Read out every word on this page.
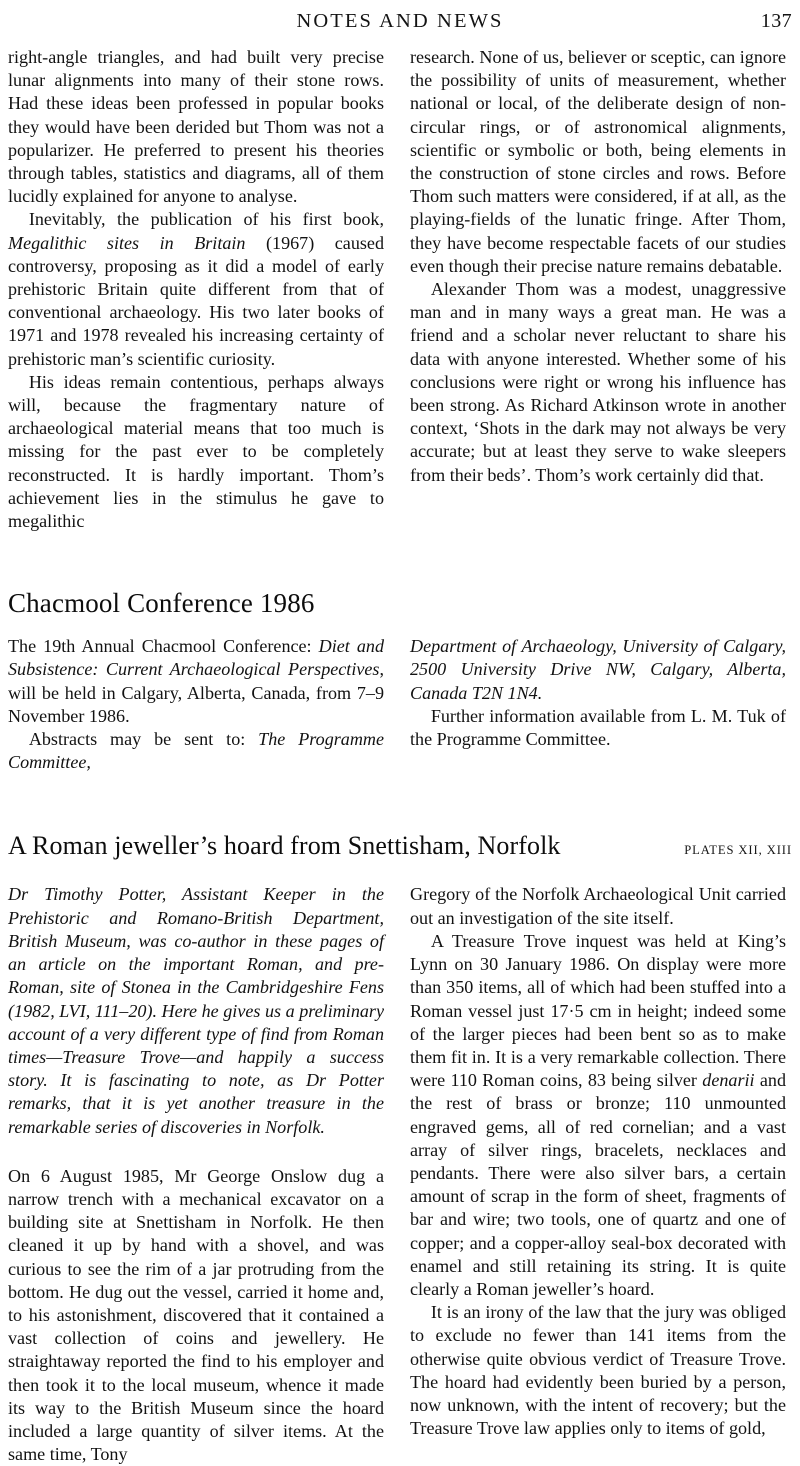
NOTES AND NEWS	137

right-angle triangles, and had built very precise lunar alignments into many of their stone rows. Had these ideas been professed in popular books they would have been derided but Thom was not a popularizer. He preferred to present his theories through tables, statistics and diagrams, all of them lucidly explained for anyone to analyse.

Inevitably, the publication of his first book, Megalithic sites in Britain (1967) caused controversy, proposing as it did a model of early prehistoric Britain quite different from that of conventional archaeology. His two later books of 1971 and 1978 revealed his increasing certainty of prehistoric man’s scientific curiosity.

His ideas remain contentious, perhaps always will, because the fragmentary nature of archaeological material means that too much is missing for the past ever to be completely reconstructed. It is hardly important. Thom’s achievement lies in the stimulus he gave to megalithic

research. None of us, believer or sceptic, can ignore the possibility of units of measurement, whether national or local, of the deliberate design of non-circular rings, or of astronomical alignments, scientific or symbolic or both, being elements in the construction of stone circles and rows. Before Thom such matters were considered, if at all, as the playing-fields of the lunatic fringe. After Thom, they have become respectable facets of our studies even though their precise nature remains debatable.

Alexander Thom was a modest, unaggressive man and in many ways a great man. He was a friend and a scholar never reluctant to share his data with anyone interested. Whether some of his conclusions were right or wrong his influence has been strong. As Richard Atkinson wrote in another context, ‘Shots in the dark may not always be very accurate; but at least they serve to wake sleepers from their beds’. Thom’s work certainly did that.

Chacmool Conference 1986

The 19th Annual Chacmool Conference: Diet and Subsistence: Current Archaeological Perspectives, will be held in Calgary, Alberta, Canada, from 7–9 November 1986.

Abstracts may be sent to: The Programme Committee,

Department of Archaeology, University of Calgary, 2500 University Drive NW, Calgary, Alberta, Canada T2N 1N4.

Further information available from L. M. Tuk of the Programme Committee.

A Roman jeweller’s hoard from Snettisham, Norfolk	PLATES XII, XIII

Dr Timothy Potter, Assistant Keeper in the Prehistoric and Romano-British Department, British Museum, was co-author in these pages of an article on the important Roman, and pre-Roman, site of Stonea in the Cambridgeshire Fens (1982, LVI, 111–20). Here he gives us a preliminary account of a very different type of find from Roman times—Treasure Trove—and happily a success story. It is fascinating to note, as Dr Potter remarks, that it is yet another treasure in the remarkable series of discoveries in Norfolk.

On 6 August 1985, Mr George Onslow dug a narrow trench with a mechanical excavator on a building site at Snettisham in Norfolk. He then cleaned it up by hand with a shovel, and was curious to see the rim of a jar protruding from the bottom. He dug out the vessel, carried it home and, to his astonishment, discovered that it contained a vast collection of coins and jewellery. He straightaway reported the find to his employer and then took it to the local museum, whence it made its way to the British Museum since the hoard included a large quantity of silver items. At the same time, Tony

Gregory of the Norfolk Archaeological Unit carried out an investigation of the site itself.

A Treasure Trove inquest was held at King’s Lynn on 30 January 1986. On display were more than 350 items, all of which had been stuffed into a Roman vessel just 17·5 cm in height; indeed some of the larger pieces had been bent so as to make them fit in. It is a very remarkable collection. There were 110 Roman coins, 83 being silver denarii and the rest of brass or bronze; 110 unmounted engraved gems, all of red cornelian; and a vast array of silver rings, bracelets, necklaces and pendants. There were also silver bars, a certain amount of scrap in the form of sheet, fragments of bar and wire; two tools, one of quartz and one of copper; and a copper-alloy seal-box decorated with enamel and still retaining its string. It is quite clearly a Roman jeweller’s hoard.

It is an irony of the law that the jury was obliged to exclude no fewer than 141 items from the otherwise quite obvious verdict of Treasure Trove. The hoard had evidently been buried by a person, now unknown, with the intent of recovery; but the Treasure Trove law applies only to items of gold,
